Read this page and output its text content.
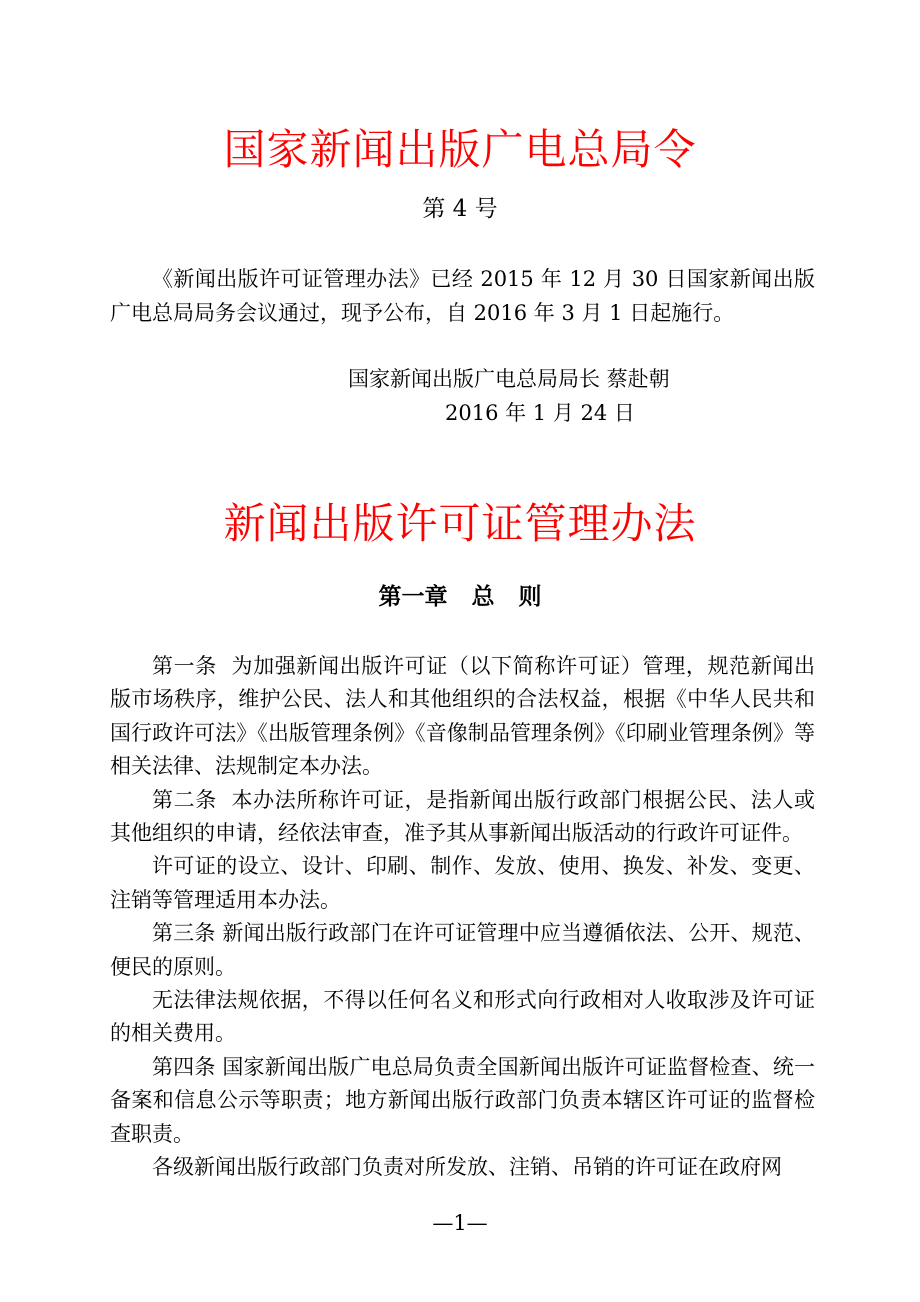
国家新闻出版广电总局令
第 4 号

《新闻出版许可证管理办法》已经 2015 年 12 月 30 日国家新闻出版广电总局局务会议通过，现予公布，自 2016 年 3 月 1 日起施行。

国家新闻出版广电总局局长 蔡赴朝
2016 年 1 月 24 日
新闻出版许可证管理办法
第一章   总   则

第一条  为加强新闻出版许可证（以下简称许可证）管理，规范新闻出版市场秩序，维护公民、法人和其他组织的合法权益，根据《中华人民共和国行政许可法》《出版管理条例》《音像制品管理条例》《印刷业管理条例》等相关法律、法规制定本办法。

第二条  本办法所称许可证，是指新闻出版行政部门根据公民、法人或其他组织的申请，经依法审查，准予其从事新闻出版活动的行政许可证件。

许可证的设立、设计、印刷、制作、发放、使用、换发、补发、变更、注销等管理适用本办法。

第三条 新闻出版行政部门在许可证管理中应当遵循依法、公开、规范、便民的原则。

无法律法规依据，不得以任何名义和形式向行政相对人收取涉及许可证的相关费用。

第四条 国家新闻出版广电总局负责全国新闻出版许可证监督检查、统一备案和信息公示等职责；地方新闻出版行政部门负责本辖区许可证的监督检查职责。

各级新闻出版行政部门负责对所发放、注销、吊销的许可证在政府网

—1—
